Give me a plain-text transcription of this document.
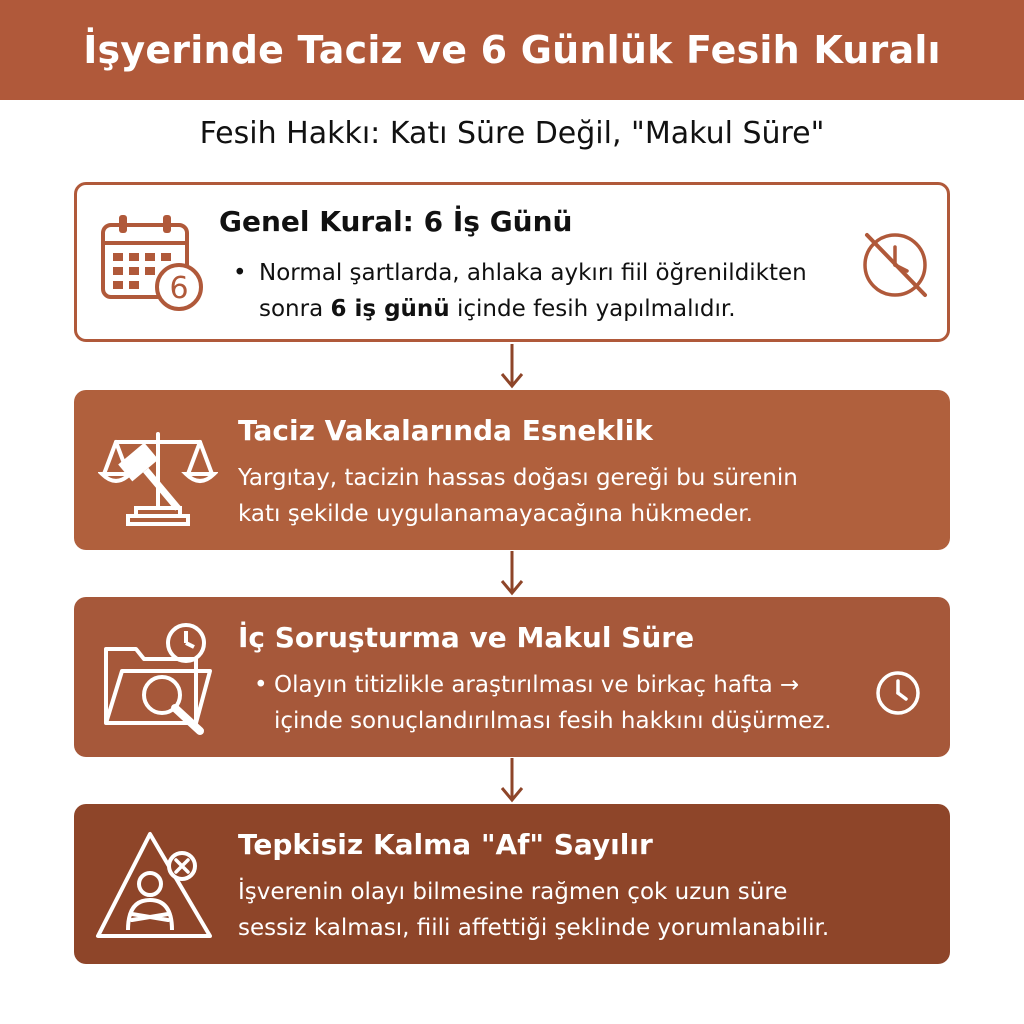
İşyerinde Taciz ve 6 Günlük Fesih Kuralı
Fesih Hakkı: Katı Süre Değil, "Makul Süre"
6
Genel Kural: 6 İş Günü
• Normal şartlarda, ahlaka aykırı fiil öğrenildikten
sonra 6 iş günü içinde fesih yapılmalıdır.
Taciz Vakalarında Esneklik
Yargıtay, tacizin hassas doğası gereği bu sürenin
katı şekilde uygulanamayacağına hükmeder.
İç Soruşturma ve Makul Süre
• Olayın titizlikle araştırılması ve birkaç hafta →
içinde sonuçlandırılması fesih hakkını düşürmez.
Tepkisiz Kalma "Af" Sayılır
İşverenin olayı bilmesine rağmen çok uzun süre
sessiz kalması, fiili affettiği şeklinde yorumlanabilir.
